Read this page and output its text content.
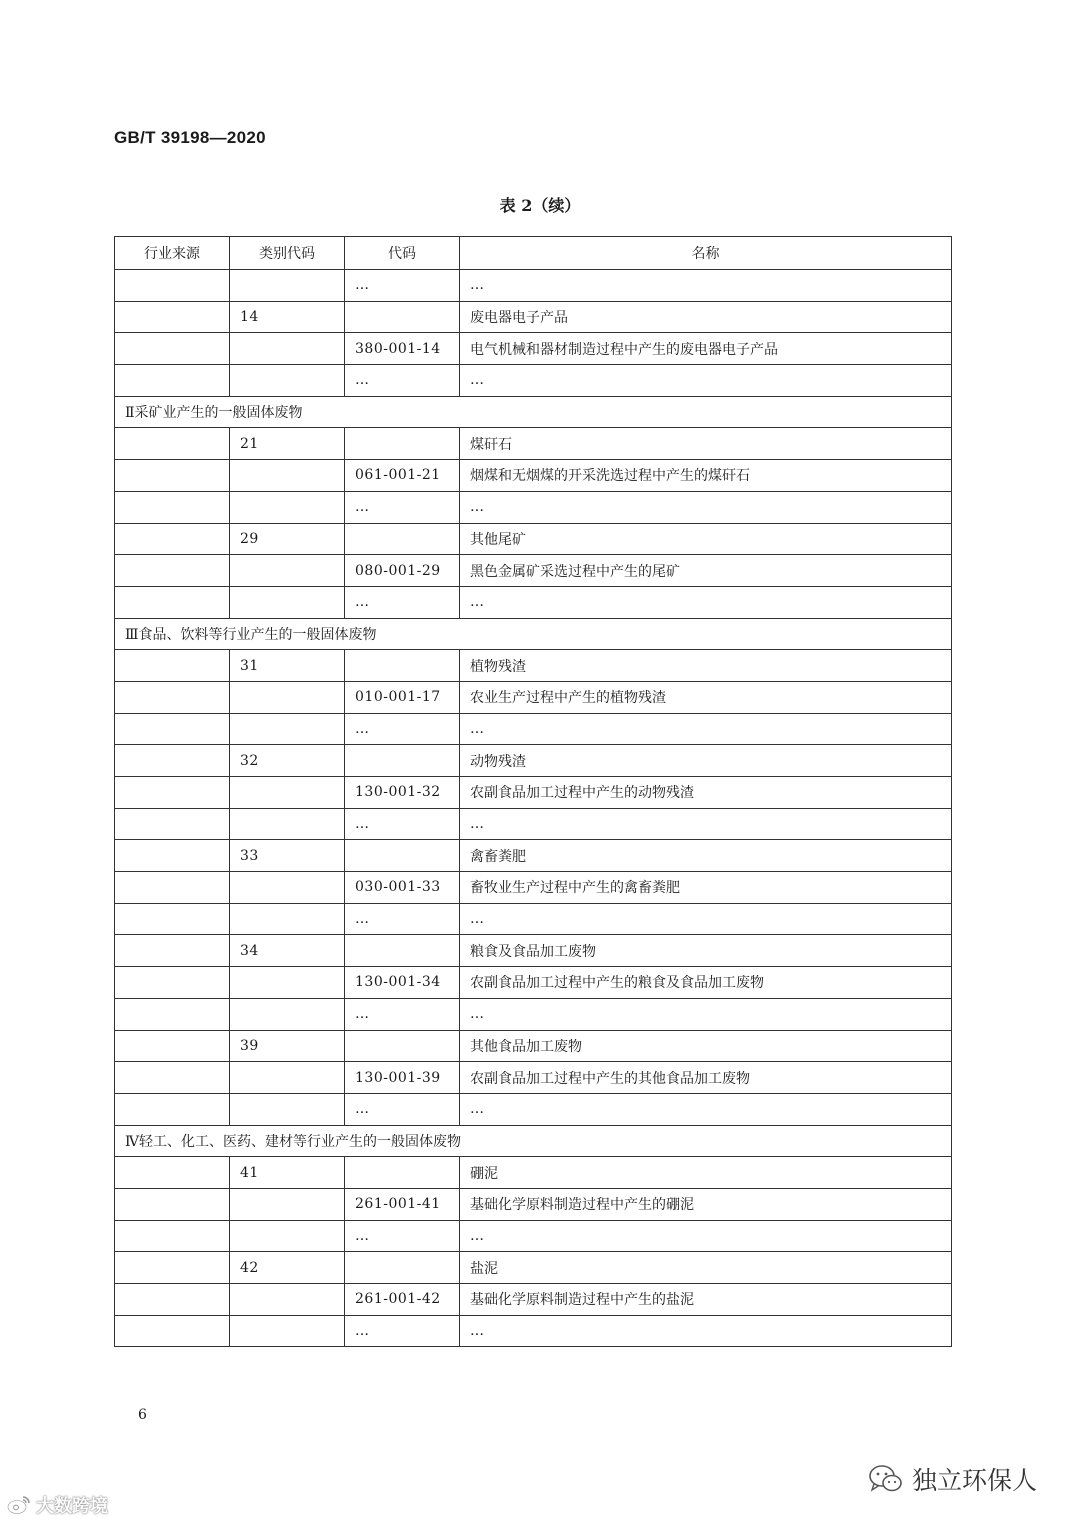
GB/T 39198—2020
表 2（续）
行业来源	类别代码	代码	名称
		…	…
	14		废电器电子产品
		380-001-14	电气机械和器材制造过程中产生的废电器电子产品
		…	…
Ⅱ采矿业产生的一般固体废物			
	21		煤矸石
		061-001-21	烟煤和无烟煤的开采洗选过程中产生的煤矸石
		…	…
	29		其他尾矿
		080-001-29	黑色金属矿采选过程中产生的尾矿
		…	…
Ⅲ食品、饮料等行业产生的一般固体废物			
	31		植物残渣
		010-001-17	农业生产过程中产生的植物残渣
		…	…
	32		动物残渣
		130-001-32	农副食品加工过程中产生的动物残渣
		…	…
	33		禽畜粪肥
		030-001-33	畜牧业生产过程中产生的禽畜粪肥
		…	…
	34		粮食及食品加工废物
		130-001-34	农副食品加工过程中产生的粮食及食品加工废物
		…	…
	39		其他食品加工废物
		130-001-39	农副食品加工过程中产生的其他食品加工废物
		…	…
Ⅳ轻工、化工、医药、建材等行业产生的一般固体废物			
	41		硼泥
		261-001-41	基础化学原料制造过程中产生的硼泥
		…	…
	42		盐泥
		261-001-42	基础化学原料制造过程中产生的盐泥
		…	…
6
大数跨境
独立环保人
